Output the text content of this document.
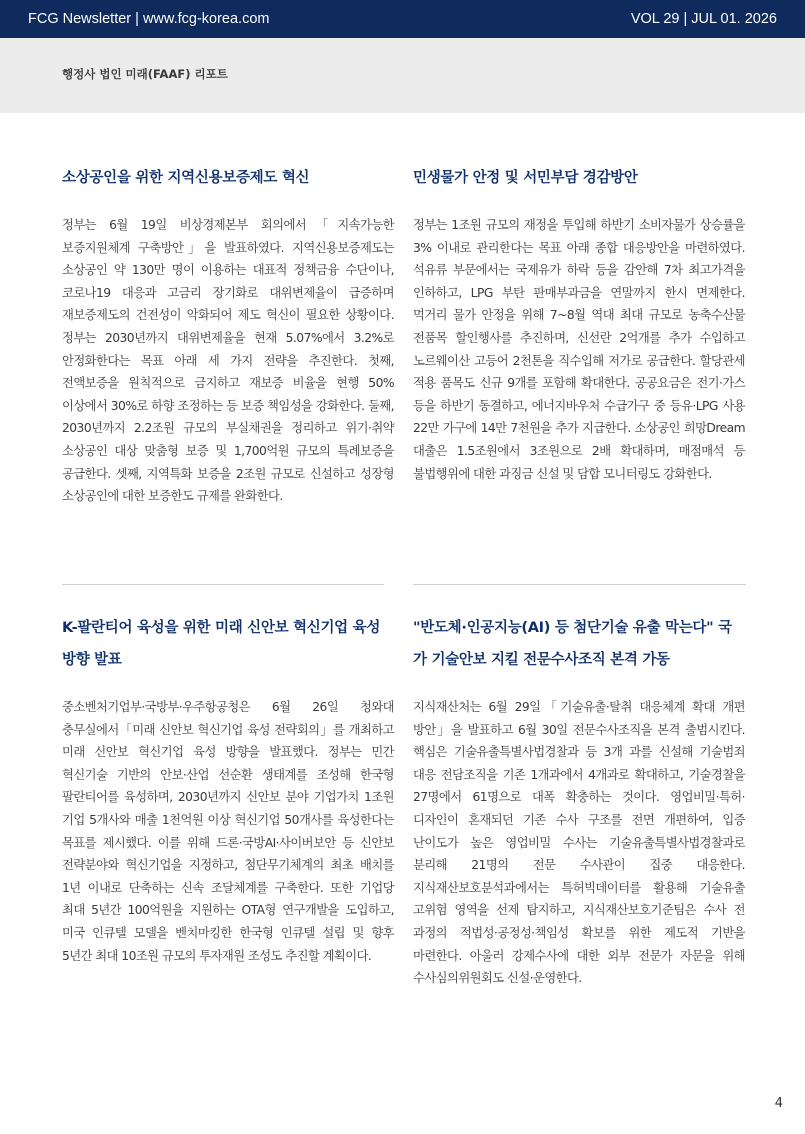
FCG Newsletter | www.fcg-korea.com	VOL 29 | JUL 01. 2026
행정사 법인 미래(FAAF) 리포트
소상공인을 위한 지역신용보증제도 혁신

정부는 6월 19일 비상경제본부 회의에서「지속가능한 보증지원체계 구축방안」을 발표하였다. 지역신용보증제도는 소상공인 약 130만 명이 이용하는 대표적 정책금융 수단이나, 코로나19 대응과 고금리 장기화로 대위변제율이 급증하며 재보증제도의 건전성이 악화되어 제도 혁신이 필요한 상황이다. 정부는 2030년까지 대위변제율을 현재 5.07%에서 3.2%로 안정화한다는 목표 아래 세 가지 전략을 추진한다. 첫째, 전액보증을 원칙적으로 금지하고 재보증 비율을 현행 50% 이상에서 30%로 하향 조정하는 등 보증 책임성을 강화한다. 둘째, 2030년까지 2.2조원 규모의 부실채권을 정리하고 위기·취약 소상공인 대상 맞춤형 보증 및 1,700억원 규모의 특례보증을 공급한다. 셋째, 지역특화 보증을 2조원 규모로 신설하고 성장형 소상공인에 대한 보증한도 규제를 완화한다.

민생물가 안정 및 서민부담 경감방안

정부는 1조원 규모의 재정을 투입해 하반기 소비자물가 상승률을 3% 이내로 관리한다는 목표 아래 종합 대응방안을 마련하였다. 석유류 부문에서는 국제유가 하락 등을 감안해 7차 최고가격을 인하하고, LPG 부탄 판매부과금을 연말까지 한시 면제한다. 먹거리 물가 안정을 위해 7~8월 역대 최대 규모로 농축수산물 전품목 할인행사를 추진하며, 신선란 2억개를 추가 수입하고 노르웨이산 고등어 2천톤을 직수입해 저가로 공급한다. 할당관세 적용 품목도 신규 9개를 포함해 확대한다. 공공요금은 전기·가스 등을 하반기 동결하고, 에너지바우처 수급가구 중 등유·LPG 사용 22만 가구에 14만 7천원을 추가 지급한다. 소상공인 희망Dream 대출은 1.5조원에서 3조원으로 2배 확대하며, 매점매석 등 불법행위에 대한 과징금 신설 및 담합 모니터링도 강화한다.

K-팔란티어 육성을 위한 미래 신안보 혁신기업 육성 방향 발표

중소벤처기업부·국방부·우주항공청은 6월 26일 청와대 충무실에서「미래 신안보 혁신기업 육성 전략회의」를 개최하고 미래 신안보 혁신기업 육성 방향을 발표했다. 정부는 민간 혁신기술 기반의 안보·산업 선순환 생태계를 조성해 한국형 팔란티어를 육성하며, 2030년까지 신안보 분야 기업가치 1조원 기업 5개사와 매출 1천억원 이상 혁신기업 50개사를 육성한다는 목표를 제시했다. 이를 위해 드론·국방AI·사이버보안 등 신안보 전략분야와 혁신기업을 지정하고, 첨단무기체계의 최초 배치를 1년 이내로 단축하는 신속 조달체계를 구축한다. 또한 기업당 최대 5년간 100억원을 지원하는 OTA형 연구개발을 도입하고, 미국 인큐텔 모델을 벤치마킹한 한국형 인큐텔 설립 및 향후 5년간 최대 10조원 규모의 투자재원 조성도 추진할 계획이다.

"반도체·인공지능(AI) 등 첨단기술 유출 막는다" 국가 기술안보 지킬 전문수사조직 본격 가동

지식재산처는 6월 29일「기술유출·탈취 대응체계 확대 개편 방안」을 발표하고 6월 30일 전문수사조직을 본격 출범시킨다. 핵심은 기술유출특별사법경찰과 등 3개 과를 신설해 기술범죄 대응 전담조직을 기존 1개과에서 4개과로 확대하고, 기술경찰을 27명에서 61명으로 대폭 확충하는 것이다. 영업비밀·특허·디자인이 혼재되던 기존 수사 구조를 전면 개편하여, 입증 난이도가 높은 영업비밀 수사는 기술유출특별사법경찰과로 분리해 21명의 전문 수사관이 집중 대응한다. 지식재산보호분석과에서는 특허빅데이터를 활용해 기술유출 고위험 영역을 선제 탐지하고, 지식재산보호기준팀은 수사 전 과정의 적법성·공정성·책임성 확보를 위한 제도적 기반을 마련한다. 아울러 강제수사에 대한 외부 전문가 자문을 위해 수사심의위원회도 신설·운영한다.

4
